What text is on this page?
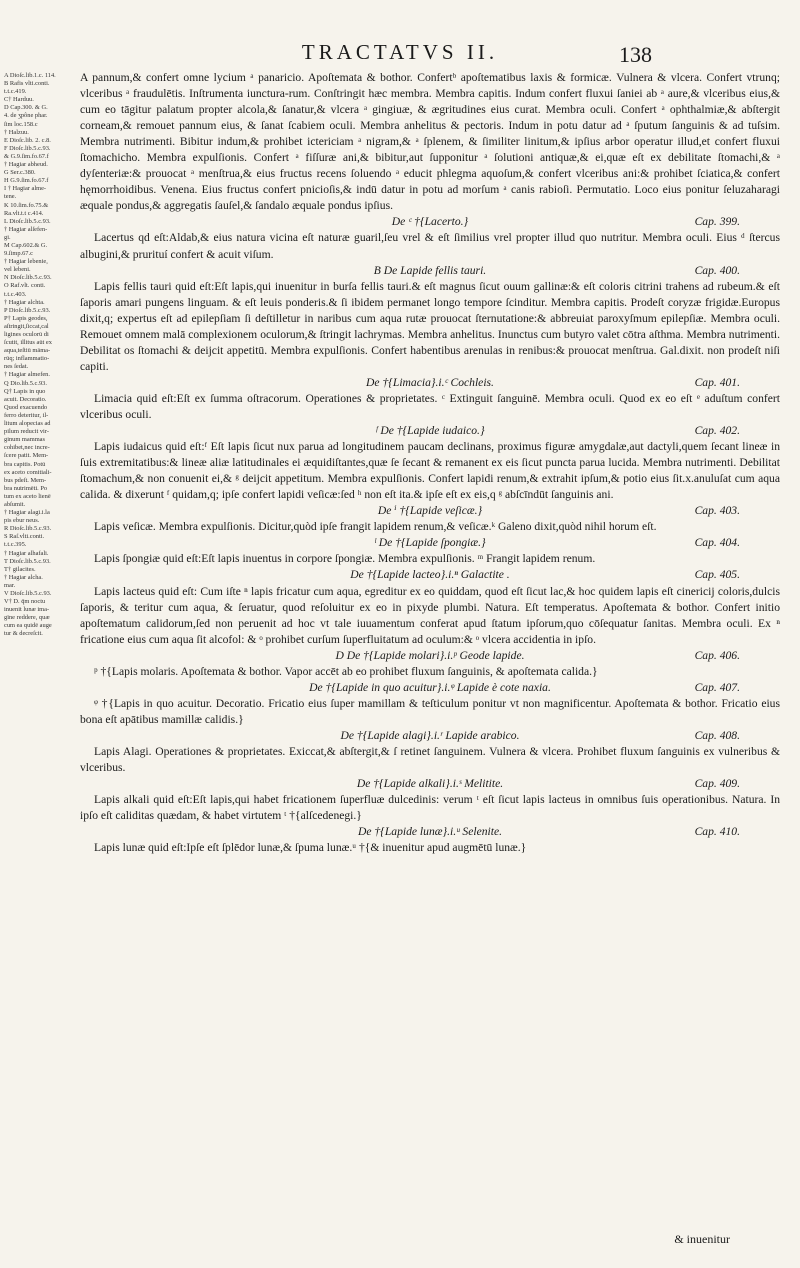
TRACTATVS II.	138
A Dioſc.lib.1.c. 114.
B Rafis vlti.conti.
t.t.c.419.
C† Harduu.
D Cap.300. & G.
4. de ʒpône phar.
ſim loc.158.c
† Halzuu.
E Dioſc.lib. 2. c.8.
F Dioſc.lib.5.c.93.
& G.9.ſim.fo.67.f
† Hagiar abheud.
G Ser.c.380.
H G.9.ſim.fo.67.f
I † Hagiar alme-
tene.
K 10.ſim.fo.75.&
Ra.vlt.t.t c.414.
L Dioſc.lib.5.c.93.
† Hagiar alſefen-
gi.
M Cap.602.& G.
9.ſimp.67.c
† Hagiar lebenie,
vel lebeni.
N Dioſc.lib.5.c.93.
O Raf.vlt. conti.
t.t.c.403.
† Hagiar alchta.
P Dioſc.lib.5.c.93.
P† Lapis geodes,
aſtringit,ſiccat,cal
ligines oculorū di
ſcutit, illitus aūt ex
aqua,teſtiū māma-
rūq; inflammatio-
nes ſedat.
† Hagiar almefen.
Q Dio.lib.5.c.93.
Q† Lapis in quo
acuit. Decoratio.
Quod exacuendo
ferro deteritur, il-
litum alopecias ad
pilum reducit vir-
ginum mammas
cohibet,nec incre-
ſcere patit. Mem-
bra capitis. Potū
ex aceto comitiali-
bus pdeſt. Mem-
bra nutrimēti. Po
tum ex aceto lienē
abſumit.
† Hagiar alagi.i.la
pis ebur neus.
R Dioſc.lib.5.c.93.
S Raſ.vlti.conti.
t.t.c.395.
† Hagiar alhafali.
T Dioſc.lib.5.c.93.
T† gilacites.
† Hagiar alcha.
mar.
V Dioſc.lib.5.c.93.
V† D. q̄m noctu
inuenit lunæ ima-
gīne reddere, quæ
cum ea quidē auge
tur & decreſcit.

A pannum,& confert omne lycium ᵃ panaricio. Apoſtemata & bothor. Confertᵇ apoſtematibus laxis & formicæ. Vulnera & vlcera. Confert vtrunq; vlceribus ᵃ fraudulētis. Inſtrumenta iunctura-rum. Conſtringit hæc membra. Membra capitis. Indum confert fluxui ſaniei ab ᵃ aure,& vlceribus eius,& cum eo tāgitur palatum propter alcola,& ſanatur,& vlcera ᵃ gingiuæ, & ægritudines eius curat. Membra oculi. Confert ᵃ ophthalmiæ,& abſtergit corneam,& remouet pannum eius, & ſanat ſcabiem oculi. Membra anhelitus & pectoris. Indum in potu datur ad ᵃ ſputum ſanguinis & ad tuſsim. Membra nutrimenti. Bibitur indum,& prohibet ictericiam ᵃ nigram,& ᵃ ſplenem, & ſimiliter linitum,& ipſius arbor operatur illud,et confert fluxui ſtomachicho. Membra expulſionis. Confert ᵃ fiſſuræ ani,& bibitur,aut ſupponitur ᵃ ſolutioni antiquæ,& ei,quæ eſt ex debilitate ſtomachi,& ᵃ dyſenteriæ:& prouocat ᵃ menſtrua,& eius fructus recens ſoluendo ᵃ educit phlegma aquoſum,& confert vlceribus ani:& prohibet ſciatica,& confert hęmorrhoidibus. Venena. Eius fructus confert pnicioſis,& indū datur in potu ad morſum ᵃ canis rabioſi. Permutatio. Loco eius ponitur ſeluzaharagi æquale pondus,& aggregatis ſauſel,& ſandalo æquale pondus ipſius.

De ᶜ †{Lacerto.}	Cap. 399.

Lacertus qd eſt:Aldab,& eius natura vicina eſt naturæ guaril,ſeu vrel & eſt ſimilius vrel propter illud quo nutritur. Membra oculi. Eius ᵈ ſtercus albugini,& prurituí confert & acuit viſum.

B De Lapide fellis tauri.	Cap. 400.

Lapis fellis tauri quid eſt:Eſt lapis,qui inuenitur in burſa fellis tauri.& eſt magnus ſicut ouum gallinæ:& eſt coloris citrini trahens ad rubeum.& eſt ſaporis amari pungens linguam. & eſt leuis ponderis.& ſi ibidem permanet longo tempore ſcinditur. Membra capitis. Prodeſt coryzæ frigidæ.Europus dixit,q; expertus eſt ad epilepſiam ſi deſtilletur in naribus cum aqua rutæ prouocat ſternutatione:& abbreuiat paroxyſmum epilepſiæ. Membra oculi. Remouet omnem malā complexionem oculorum,& ſtringit lachrymas. Membra anhelitus. Inunctus cum butyro valet cōtra aſthma. Membra nutrimenti. Debilitat os ſtomachi & deijcit appetitū. Membra expulſionis. Confert habentibus arenulas in renibus:& prouocat menſtrua. Gal.dixit. non prodeſt niſi capiti.

De †{Limacia}.i.ᶜ Cochleis.	Cap. 401.

Limacia quid eſt:Eſt ex ſumma oſtracorum. Operationes & proprietates. ᶜ Extinguit ſanguinē. Membra oculi. Quod ex eo eſt ᵉ aduſtum confert vlceribus oculi.

ᶠ De †{Lapide iudaico.}	Cap. 402.

Lapis iudaicus quid eſt:ᶠ Eſt lapis ſicut nux parua ad longitudinem paucam declinans, proximus figuræ amygdalæ,aut dactyli,quem ſecant lineæ in ſuis extremitatibus:& lineæ aliæ latitudinales ei æquidiſtantes,quæ ſe ſecant & remanent ex eis ſicut puncta parua lucida. Membra nutrimenti. Debilitat ſtomachum,& non conuenit ei,& ᵍ deijcit appetitum. Membra expulſionis. Confert lapidi renum,& extrahit ipſum,& potio eius ſit.x.anuluſat cum aqua calida. & dixerunt ᶠ quidam,q; ipſe confert lapidi veſicæ:ſed ʰ non eſt ita.& ipſe eſt ex eis,q ᵍ abſcīndūt ſanguinis ani.

De ⁱ †{Lapide veſicæ.}	Cap. 403.

Lapis veſicæ. Membra expulſionis. Dicitur,quòd ipſe frangit lapidem renum,& veſicæ.ᵏ Galeno dixit,quòd nihil horum eſt.

ˡ De †{Lapide ſpongiæ.}	Cap. 404.

Lapis ſpongiæ quid eſt:Eſt lapis inuentus in corpore ſpongiæ. Membra expulſionis. ᵐ Frangit lapidem renum.

De †{Lapide lacteo}.i.ⁿ Galactite .	Cap. 405.

Lapis lacteus quid eſt: Cum iſte ⁿ lapis fricatur cum aqua, egreditur ex eo quiddam, quod eſt ſicut lac,& hoc quidem lapis eſt cinericij coloris,dulcis ſaporis, & teritur cum aqua, & ſeruatur, quod reſoluitur ex eo in pixyde plumbi. Natura. Eſt temperatus. Apoſtemata & bothor. Confert initio apoſtematum calidorum,ſed non peruenit ad hoc vt tale iuuamentum conferat apud ſtatum ipſorum,quo cōſequatur ſanitas. Membra oculi. Ex ⁿ fricatione eius cum aqua ſit alcofol: & ᵒ prohibet curſum ſuperfluitatum ad oculum:& ᵒ vlcera accidentia in ipſo.

D De †{Lapide molari}.i.ᵖ Geode lapide.	Cap. 406.

ᵖ †{Lapis molaris. Apoſtemata & bothor. Vapor accēt ab eo prohibet fluxum ſanguinis, & apoſtemata calida.}

De †{Lapide in quo acuitur}.i.ᵠ Lapide è cote naxia.	Cap. 407.

ᵠ †{Lapis in quo acuitur. Decoratio. Fricatio eius ſuper mamillam & teſticulum ponitur vt non magnificentur. Apoſtemata & bothor. Fricatio eius bona eſt apātibus mamillæ calidis.}

De †{Lapide alagi}.i.ʳ Lapide arabico.	Cap. 408.

Lapis Alagi. Operationes & proprietates. Exiccat,& abſtergit,& ſ retinet ſanguinem. Vulnera & vlcera. Prohibet fluxum ſanguinis ex vulneribus & vlceribus.

De †{Lapide alkali}.i.ˢ Melitite.	Cap. 409.

Lapis alkali quid eſt:Eſt lapis,qui habet fricationem ſuperfluæ dulcedinis: verum ᵗ eſt ſicut lapis lacteus in omnibus ſuis operationibus. Natura. In ipſo eſt caliditas quædam, & habet virtutem ᵗ †{alſcedenegi.}

De †{Lapide lunæ}.i.ᵘ Selenite.	Cap. 410.

Lapis lunæ quid eſt:Ipſe eſt ſplēdor lunæ,& ſpuma lunæ.ᵘ †{& inuenitur apud augmētū lunæ.}

& inuenitur
